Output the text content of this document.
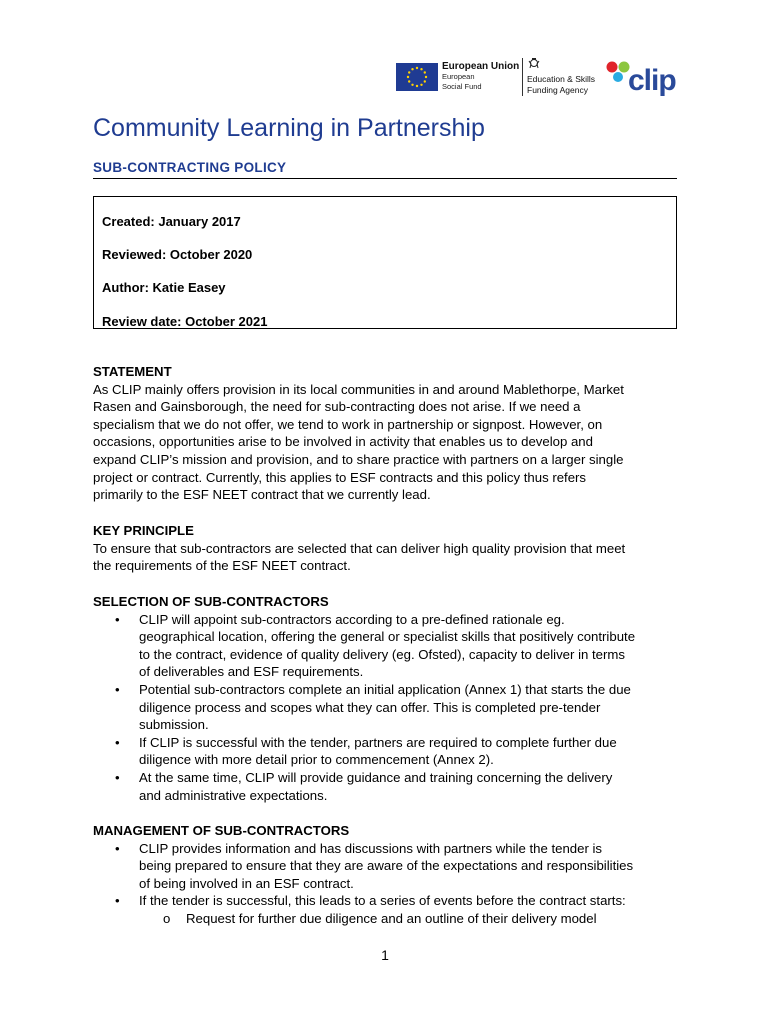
European Union
European
Social Fund
Education & Skills
Funding Agency clip
Community Learning in Partnership
SUB-CONTRACTING POLICY
Created: January 2017
Reviewed: October 2020
Author: Katie Easey
Review date: October 2021
STATEMENT
As CLIP mainly offers provision in its local communities in and around Mablethorpe, Market
Rasen and Gainsborough, the need for sub-contracting does not arise. If we need a
specialism that we do not offer, we tend to work in partnership or signpost. However, on
occasions, opportunities arise to be involved in activity that enables us to develop and
expand CLIP’s mission and provision, and to share practice with partners on a larger single
project or contract. Currently, this applies to ESF contracts and this policy thus refers
primarily to the ESF NEET contract that we currently lead.
KEY PRINCIPLE
To ensure that sub-contractors are selected that can deliver high quality provision that meet
the requirements of the ESF NEET contract.
SELECTION OF SUB-CONTRACTORS
• CLIP will appoint sub-contractors according to a pre-defined rationale eg.
geographical location, offering the general or specialist skills that positively contribute
to the contract, evidence of quality delivery (eg. Ofsted), capacity to deliver in terms
of deliverables and ESF requirements.
• Potential sub-contractors complete an initial application (Annex 1) that starts the due
diligence process and scopes what they can offer. This is completed pre-tender
submission.
• If CLIP is successful with the tender, partners are required to complete further due
diligence with more detail prior to commencement (Annex 2).
• At the same time, CLIP will provide guidance and training concerning the delivery
and administrative expectations.
MANAGEMENT OF SUB-CONTRACTORS
• CLIP provides information and has discussions with partners while the tender is
being prepared to ensure that they are aware of the expectations and responsibilities
of being involved in an ESF contract.
• If the tender is successful, this leads to a series of events before the contract starts:
o Request for further due diligence and an outline of their delivery model
1
